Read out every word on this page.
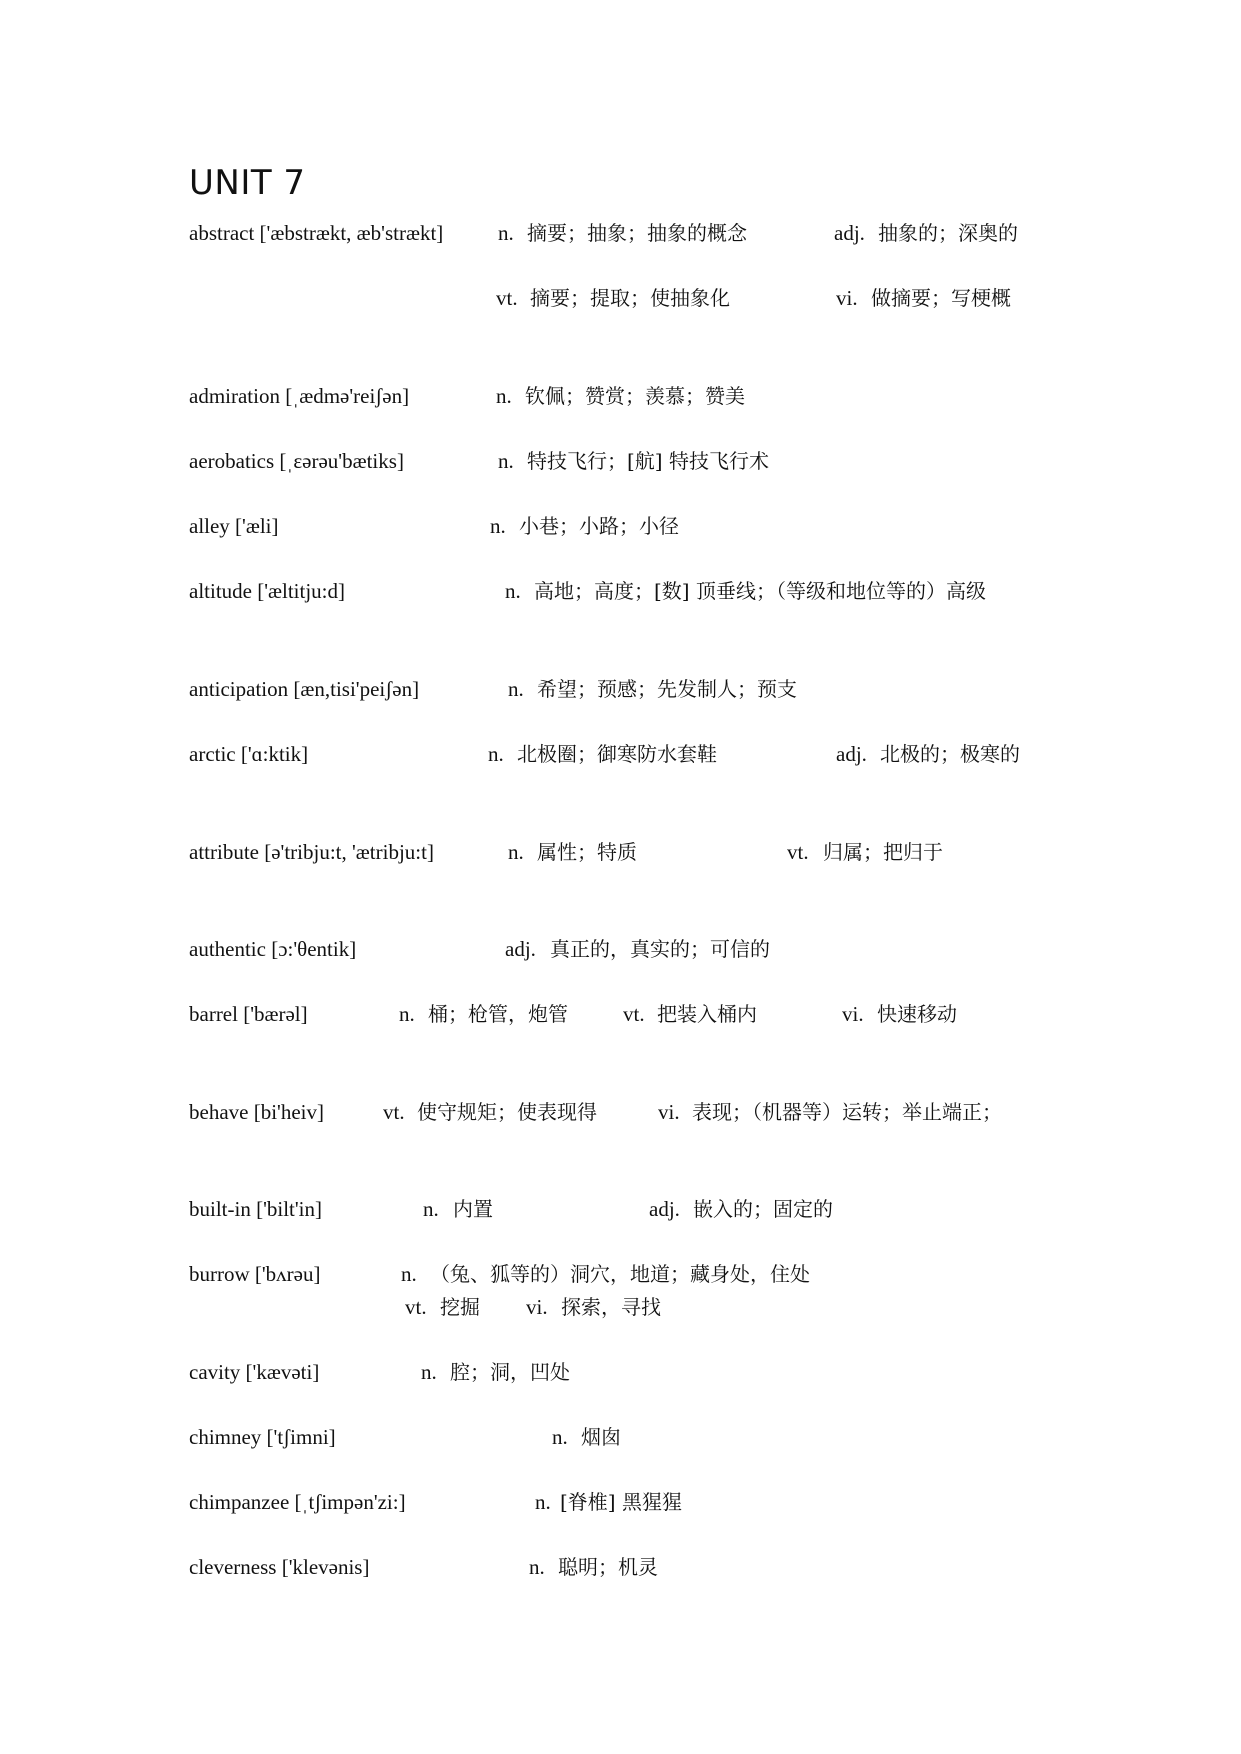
UNIT 7
abstract ['æbstrækt, æb'strækt]	n. 摘要；抽象；抽象的概念	adj. 抽象的；深奥的
vt. 摘要；提取；使抽象化	vi. 做摘要；写梗概
admiration [ˌædmə'reiʃən]	n. 钦佩；赞赏；羡慕；赞美
aerobatics [ˌεərəu'bætiks]	n. 特技飞行；[航] 特技飞行术
alley ['æli]	n. 小巷；小路；小径
altitude ['æltitju:d]	n. 高地；高度；[数] 顶垂线；（等级和地位等的）高级
anticipation [æn,tisi'peiʃən]	n. 希望；预感；先发制人；预支
arctic ['ɑ:ktik]	n. 北极圈；御寒防水套鞋	adj. 北极的；极寒的
attribute [ə'tribju:t, 'ætribju:t]	n. 属性；特质	vt. 归属；把归于
authentic [ɔ:'θentik]	adj. 真正的，真实的；可信的
barrel ['bærəl]	n. 桶；枪管，炮管	vt. 把装入桶内	vi. 快速移动
behave [bi'heiv]	vt. 使守规矩；使表现得	vi. 表现；（机器等）运转；举止端正；
built-in ['bilt'in]	n. 内置	adj. 嵌入的；固定的
burrow ['bʌrəu]	n. （兔、狐等的）洞穴，地道；藏身处，住处
vt. 挖掘 vi. 探索，寻找
cavity ['kævəti]	n. 腔；洞，凹处
chimney ['tʃimni]	n. 烟囱
chimpanzee [ˌtʃimpən'zi:]	n. [脊椎] 黑猩猩
cleverness ['klevənis]	n. 聪明；机灵
